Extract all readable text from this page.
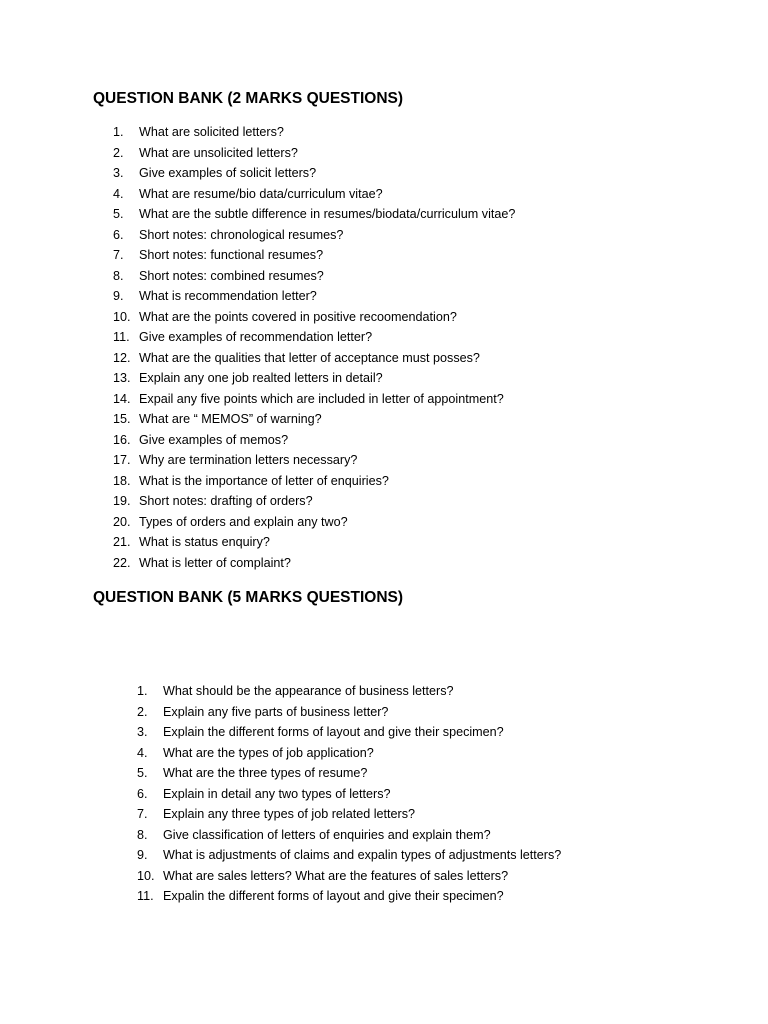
QUESTION BANK (2 MARKS QUESTIONS)
1. What are solicited letters?
2. What are unsolicited letters?
3. Give examples of solicit letters?
4. What are resume/bio data/curriculum vitae?
5. What are the subtle difference in resumes/biodata/curriculum vitae?
6. Short notes: chronological resumes?
7. Short notes: functional resumes?
8. Short notes: combined resumes?
9. What is recommendation letter?
10. What are the points covered in positive recoomendation?
11. Give examples of recommendation letter?
12. What are the qualities that letter of acceptance must posses?
13. Explain any one job realted letters in detail?
14. Expail any five points which are included in letter of appointment?
15. What are “ MEMOS” of warning?
16. Give examples of memos?
17. Why are termination letters necessary?
18. What is the importance of letter of enquiries?
19. Short notes: drafting of orders?
20. Types of orders and explain any two?
21. What is status enquiry?
22. What is letter of complaint?
QUESTION BANK (5 MARKS QUESTIONS)
1. What should be the appearance of business letters?
2. Explain any five parts of business letter?
3. Explain the different forms of layout and give their specimen?
4. What are the types of job application?
5. What are the three types of resume?
6. Explain in detail any two types of letters?
7. Explain any three types of job related letters?
8. Give classification of letters of enquiries and explain them?
9. What is adjustments of claims and expalin types of adjustments letters?
10. What are sales letters? What are the features of sales letters?
11. Expalin the different forms of layout and give their specimen?
